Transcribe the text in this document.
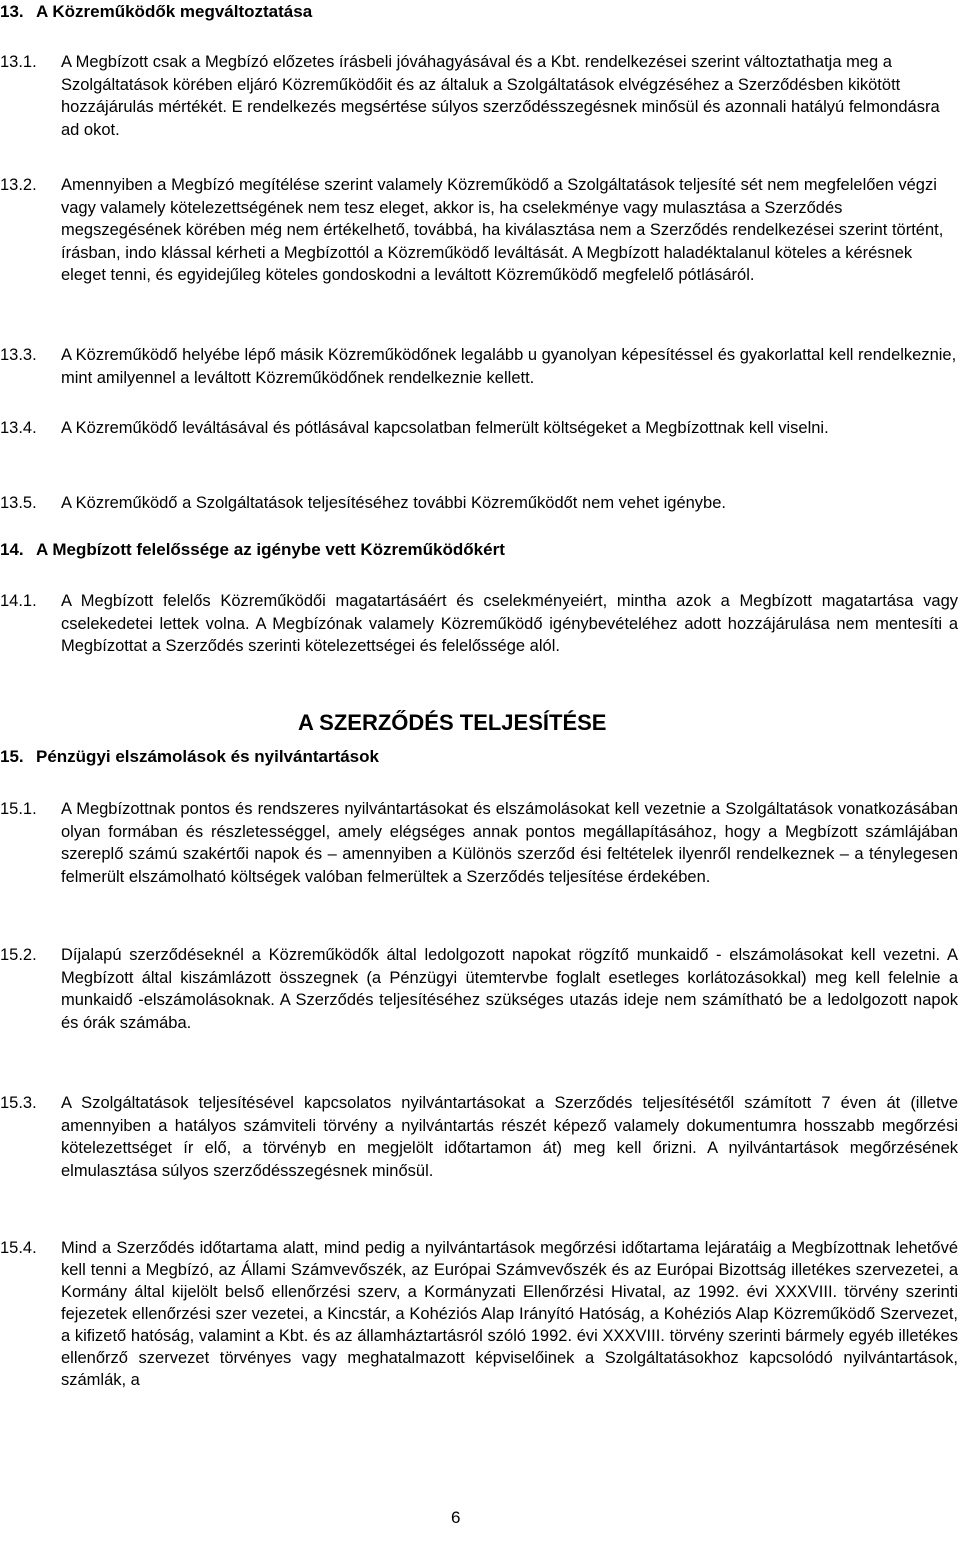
13. A Közreműködők megváltoztatása
13.1.	A Megbízott csak a Megbízó előzetes írásbeli jóváhagyásával és a Kbt. rendelkezései szerint változtathatja meg a Szolgáltatások körében eljáró Közreműködőit és az általuk a Szolgáltatások elvégzéséhez a Szerződésben kikötött hozzájárulás mértékét. E rendelkezés megsértése súlyos szerződésszegésnek minősül és azonnali hatályú felmondásra ad okot.
13.2.	Amennyiben a Megbízó megítélése szerint valamely Közreműködő a Szolgáltatások teljesíté sét nem megfelelően végzi vagy valamely kötelezettségének nem tesz eleget, akkor is, ha cselekménye vagy mulasztása a Szerződés megszegésének körében még nem értékelhető, továbbá, ha kiválasztása nem a Szerződés rendelkezései szerint történt, írásban, indo klással kérheti a Megbízottól a Közreműködő leváltását. A Megbízott haladéktalanul köteles a kérésnek eleget tenni, és egyidejűleg köteles gondoskodni a leváltott Közreműködő megfelelő pótlásáról.
13.3.	A Közreműködő helyébe lépő másik Közreműködőnek legalább u gyanolyan képesítéssel és gyakorlattal kell rendelkeznie, mint amilyennel a leváltott Közreműködőnek rendelkeznie kellett.
13.4.	A Közreműködő leváltásával és pótlásával kapcsolatban felmerült költségeket a Megbízottnak kell viselni.
13.5.	A Közreműködő a Szolgáltatások teljesítéséhez további Közreműködőt nem vehet igénybe.
14. A Megbízott felelőssége az igénybe vett Közreműködőkért
14.1.	A Megbízott felelős Közreműködői magatartásáért és cselekményeiért, mintha azok a Megbízott magatartása vagy cselekedetei lettek volna. A Megbízónak valamely Közreműködő igénybevételéhez adott hozzájárulása nem mentesíti a Megbízottat a Szerződés szerinti kötelezettségei és felelőssége alól.
A SZERZŐDÉS TELJESÍTÉSE
15. Pénzügyi elszámolások és nyilvántartások
15.1.	A Megbízottnak pontos és rendszeres nyilvántartásokat és elszámolásokat kell vezetnie a Szolgáltatások vonatkozásában olyan formában és részletességgel, amely elégséges annak pontos megállapításához, hogy a Megbízott számlájában szereplő számú szakértői napok és – amennyiben a Különös szerződ ési feltételek ilyenről rendelkeznek – a ténylegesen felmerült elszámolható költségek valóban felmerültek a Szerződés teljesítése érdekében.
15.2.	Díjalapú szerződéseknél a Közreműködők által ledolgozott napokat rögzítő munkaidő - elszámolásokat kell vezetni. A Megbízott által kiszámlázott összegnek (a Pénzügyi ütemtervbe foglalt esetleges korlátozásokkal) meg kell felelnie a munkaidő -elszámolásoknak. A Szerződés teljesítéséhez szükséges utazás ideje nem számítható be a ledolgozott napok és órák számába.
15.3.	A Szolgáltatások teljesítésével kapcsolatos nyilvántartásokat a Szerződés teljesítésétől számított 7 éven át (illetve amennyiben a hatályos számviteli törvény a nyilvántartás részét képező valamely dokumentumra hosszabb megőrzési kötelezettséget ír elő, a törvényb en megjelölt időtartamon át) meg kell őrizni. A nyilvántartások megőrzésének elmulasztása súlyos szerződésszegésnek minősül.
15.4.	Mind a Szerződés időtartama alatt, mind pedig a nyilvántartások megőrzési időtartama lejáratáig a Megbízottnak lehetővé kell tenni a Megbízó, az Állami Számvevőszék, az Európai Számvevőszék és az Európai Bizottság illetékes szervezetei, a Kormány által kijelölt belső ellenőrzési szerv, a Kormányzati Ellenőrzési Hivatal, az 1992. évi XXXVIII. törvény szerinti fejezetek ellenőrzési szer vezetei, a Kincstár, a Kohéziós Alap Irányító Hatóság, a Kohéziós Alap Közreműködő Szervezet, a kifizető hatóság, valamint a Kbt. és az államháztartásról szóló 1992. évi XXXVIII. törvény szerinti bármely egyéb illetékes ellenőrző szervezet törvényes vagy meghatalmazott képviselőinek a Szolgáltatásokhoz kapcsolódó nyilvántartások, számlák, a
6
